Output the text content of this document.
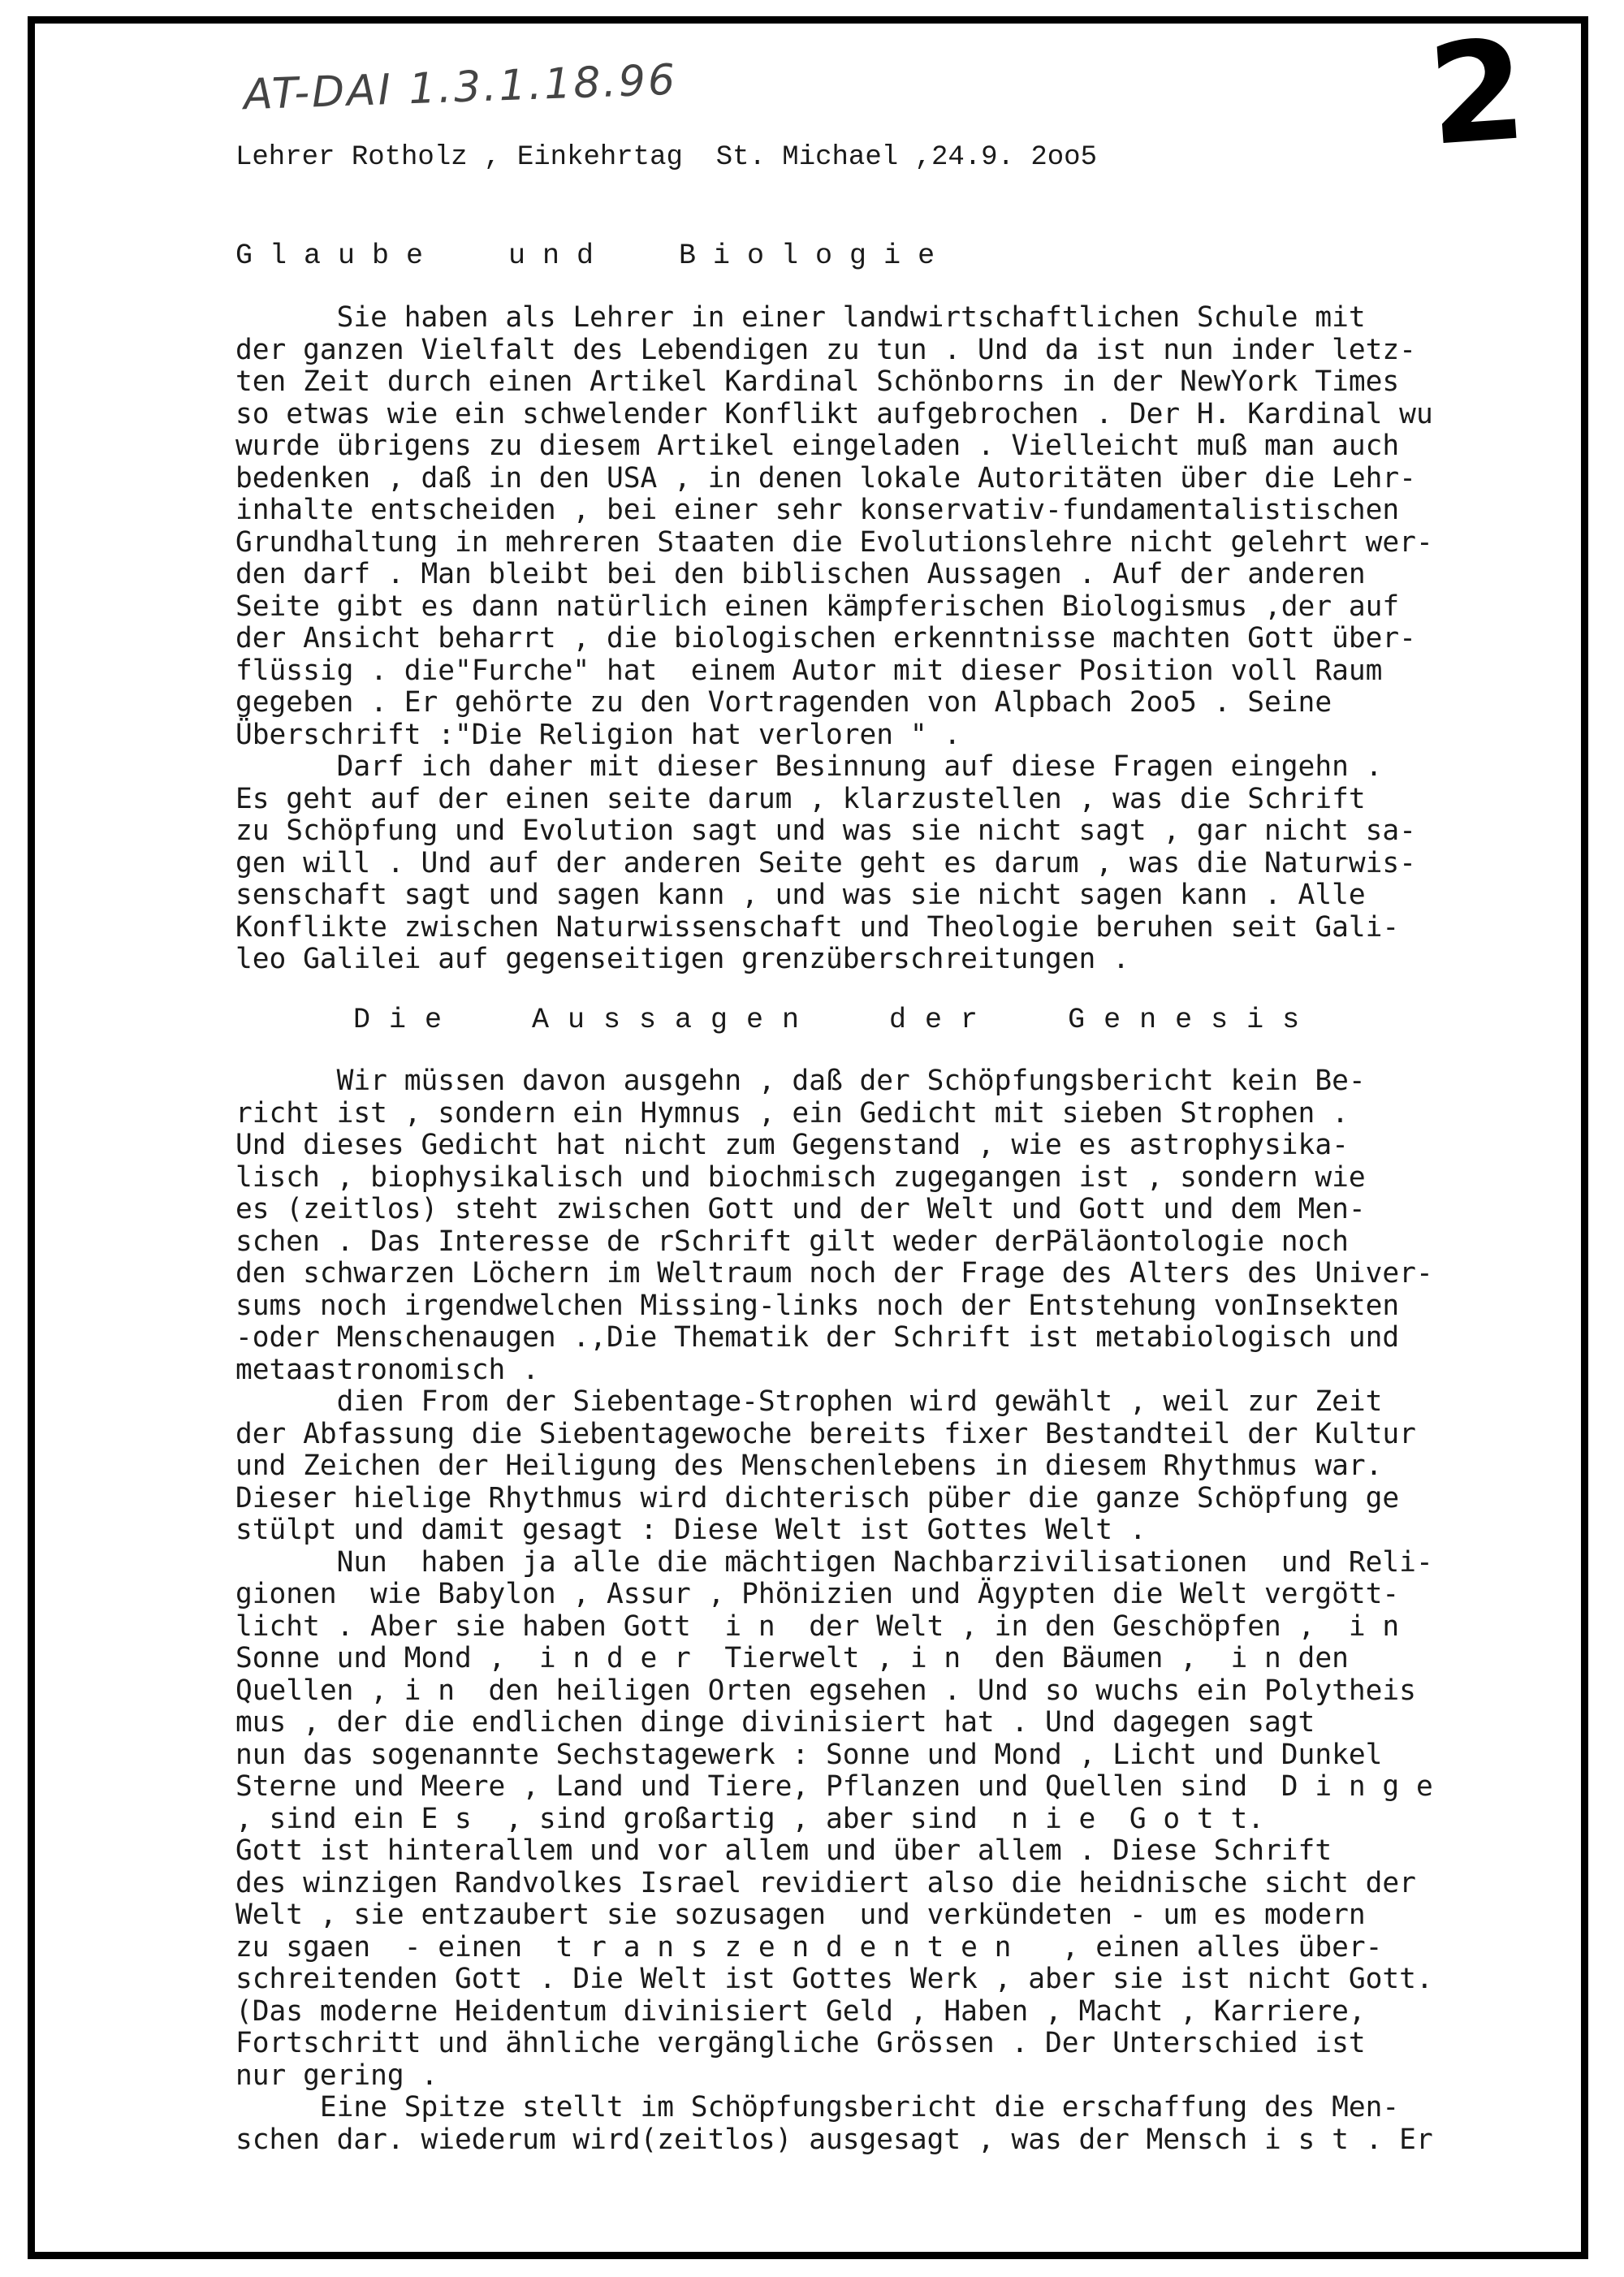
AT-DAI 1.3.1.18.96	2
Lehrer Rotholz , Einkehrtag  St. Michael ,24.9. 2oo5
Glaube  und  Biologie
Sie haben als Lehrer in einer landwirtschaftlichen Schule mit
der ganzen Vielfalt des Lebendigen zu tun . Und da ist nun inder letz-
ten Zeit durch einen Artikel Kardinal Schönborns in der NewYork Times
so etwas wie ein schwelender Konflikt aufgebrochen . Der H. Kardinal wu
wurde übrigens zu diesem Artikel eingeladen . Vielleicht muß man auch
bedenken , daß in den USA , in denen lokale Autoritäten über die Lehr-
inhalte entscheiden , bei einer sehr konservativ-fundamentalistischen
Grundhaltung in mehreren Staaten die Evolutionslehre nicht gelehrt wer-
den darf . Man bleibt bei den biblischen Aussagen . Auf der anderen
Seite gibt es dann natürlich einen kämpferischen Biologismus ,der auf
der Ansicht beharrt , die biologischen erkenntnisse machten Gott über-
flüssig . die"Furche" hat  einem Autor mit dieser Position voll Raum
gegeben . Er gehörte zu den Vortragenden von Alpbach 2oo5 . Seine
Überschrift :"Die Religion hat verloren " .
Darf ich daher mit dieser Besinnung auf diese Fragen eingehn .
Es geht auf der einen seite darum , klarzustellen , was die Schrift
zu Schöpfung und Evolution sagt und was sie nicht sagt , gar nicht sa-
gen will . Und auf der anderen Seite geht es darum , was die Naturwis-
senschaft sagt und sagen kann , und was sie nicht sagen kann . Alle
Konflikte zwischen Naturwissenschaft und Theologie beruhen seit Gali-
leo Galilei auf gegenseitigen grenzüberschreitungen .
Die  Aussagen  der  Genesis
Wir müssen davon ausgehn , daß der Schöpfungsbericht kein Be-
richt ist , sondern ein Hymnus , ein Gedicht mit sieben Strophen .
Und dieses Gedicht hat nicht zum Gegenstand , wie es astrophysika-
lisch , biophysikalisch und biochmisch zugegangen ist , sondern wie
es (zeitlos) steht zwischen Gott und der Welt und Gott und dem Men-
schen . Das Interesse de rSchrift gilt weder derPäläontologie noch
den schwarzen Löchern im Weltraum noch der Frage des Alters des Univer-
sums noch irgendwelchen Missing-links noch der Entstehung vonInsekten
-oder Menschenaugen .,Die Thematik der Schrift ist metabiologisch und
metaastronomisch .
dien From der Siebentage-Strophen wird gewählt , weil zur Zeit
der Abfassung die Siebentagewoche bereits fixer Bestandteil der Kultur
und Zeichen der Heiligung des Menschenlebens in diesem Rhythmus war.
Dieser hielige Rhythmus wird dichterisch püber die ganze Schöpfung ge
stülpt und damit gesagt : Diese Welt ist Gottes Welt .
Nun  haben ja alle die mächtigen Nachbarzivilisationen  und Reli-
gionen  wie Babylon , Assur , Phönizien und Ägypten die Welt vergött-
licht . Aber sie haben Gott  i n  der Welt , in den Geschöpfen ,  i n
Sonne und Mond ,  i n d e r  Tierwelt , i n  den Bäumen ,  i n den
Quellen , i n  den heiligen Orten egsehen . Und so wuchs ein Polytheis
mus , der die endlichen dinge divinisiert hat . Und dagegen sagt
nun das sogenannte Sechstagewerk : Sonne und Mond , Licht und Dunkel
Sterne und Meere , Land und Tiere, Pflanzen und Quellen sind  D i n g e
, sind ein E s  , sind großartig , aber sind  n i e  G o t t.
Gott ist hinterallem und vor allem und über allem . Diese Schrift
des winzigen Randvolkes Israel revidiert also die heidnische sicht der
Welt , sie entzaubert sie sozusagen  und verkündeten - um es modern
zu sgaen  - einen  t r a n s z e n d e n t e n   , einen alles über-
schreitenden Gott . Die Welt ist Gottes Werk , aber sie ist nicht Gott.
(Das moderne Heidentum divinisiert Geld , Haben , Macht , Karriere,
Fortschritt und ähnliche vergängliche Grössen . Der Unterschied ist
nur gering .
Eine Spitze stellt im Schöpfungsbericht die erschaffung des Men-
schen dar. wiederum wird(zeitlos) ausgesagt , was der Mensch i s t . Er
